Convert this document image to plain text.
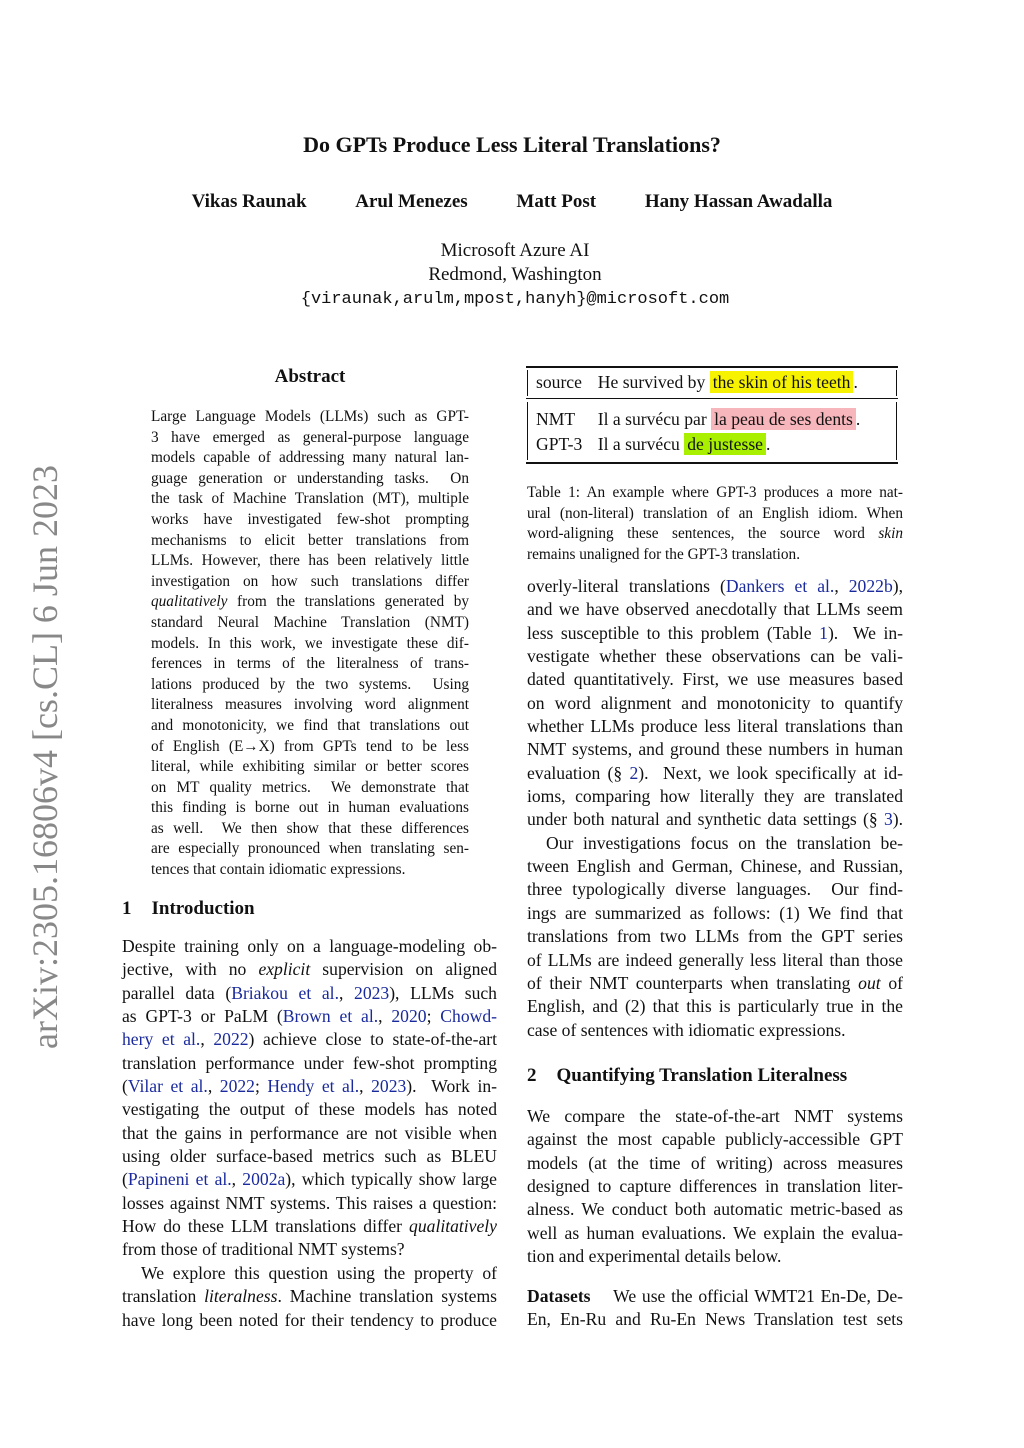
Do GPTs Produce Less Literal Translations?
Vikas Raunak	Arul Menezes	Matt Post	Hany Hassan Awadalla
Microsoft Azure AI
Redmond, Washington
{viraunak,arulm,mpost,hanyh}@microsoft.com
arXiv:2305.16806v4 [cs.CL] 6 Jun 2023
Abstract
Large Language Models (LLMs) such as GPT-
3 have emerged as general-purpose language
models capable of addressing many natural lan-
guage generation or understanding tasks.  On
the task of Machine Translation (MT), multiple
works have investigated few-shot prompting
mechanisms to elicit better translations from
LLMs. However, there has been relatively little
investigation on how such translations differ
qualitatively from the translations generated by
standard Neural Machine Translation (NMT)
models. In this work, we investigate these dif-
ferences in terms of the literalness of trans-
lations produced by the two systems.  Using
literalness measures involving word alignment
and monotonicity, we find that translations out
of English (E→X) from GPTs tend to be less
literal, while exhibiting similar or better scores
on MT quality metrics.  We demonstrate that
this finding is borne out in human evaluations
as well.  We then show that these differences
are especially pronounced when translating sen-
tences that contain idiomatic expressions.
1 Introduction
Despite training only on a language-modeling ob-
jective, with no explicit supervision on aligned
parallel data (Briakou et al., 2023), LLMs such
as GPT-3 or PaLM (Brown et al., 2020; Chowd-
hery et al., 2022) achieve close to state-of-the-art
translation performance under few-shot prompting
(Vilar et al., 2022; Hendy et al., 2023).  Work in-
vestigating the output of these models has noted
that the gains in performance are not visible when
using older surface-based metrics such as BLEU
(Papineni et al., 2002a), which typically show large
losses against NMT systems. This raises a question:
How do these LLM translations differ qualitatively
from those of traditional NMT systems?
We explore this question using the property of
translation literalness. Machine translation systems
have long been noted for their tendency to produce
source	He survived by the skin of his teeth .
NMT	Il a survécu par la peau de ses dents .
GPT-3	Il a survécu de justesse .
Table 1: An example where GPT-3 produces a more nat-
ural (non-literal) translation of an English idiom. When
word-aligning these sentences, the source word skin
remains unaligned for the GPT-3 translation.
overly-literal translations (Dankers et al., 2022b),
and we have observed anecdotally that LLMs seem
less susceptible to this problem (Table 1).  We in-
vestigate whether these observations can be vali-
dated quantitatively. First, we use measures based
on word alignment and monotonicity to quantify
whether LLMs produce less literal translations than
NMT systems, and ground these numbers in human
evaluation (§ 2).  Next, we look specifically at id-
ioms, comparing how literally they are translated
under both natural and synthetic data settings (§ 3).
Our investigations focus on the translation be-
tween English and German, Chinese, and Russian,
three typologically diverse languages.  Our find-
ings are summarized as follows: (1) We find that
translations from two LLMs from the GPT series
of LLMs are indeed generally less literal than those
of their NMT counterparts when translating out of
English, and (2) that this is particularly true in the
case of sentences with idiomatic expressions.
2 Quantifying Translation Literalness
We compare the state-of-the-art NMT systems
against the most capable publicly-accessible GPT
models (at the time of writing) across measures
designed to capture differences in translation liter-
alness. We conduct both automatic metric-based as
well as human evaluations. We explain the evalua-
tion and experimental details below.
Datasets    We use the official WMT21 En-De, De-
En, En-Ru and Ru-En News Translation test sets
